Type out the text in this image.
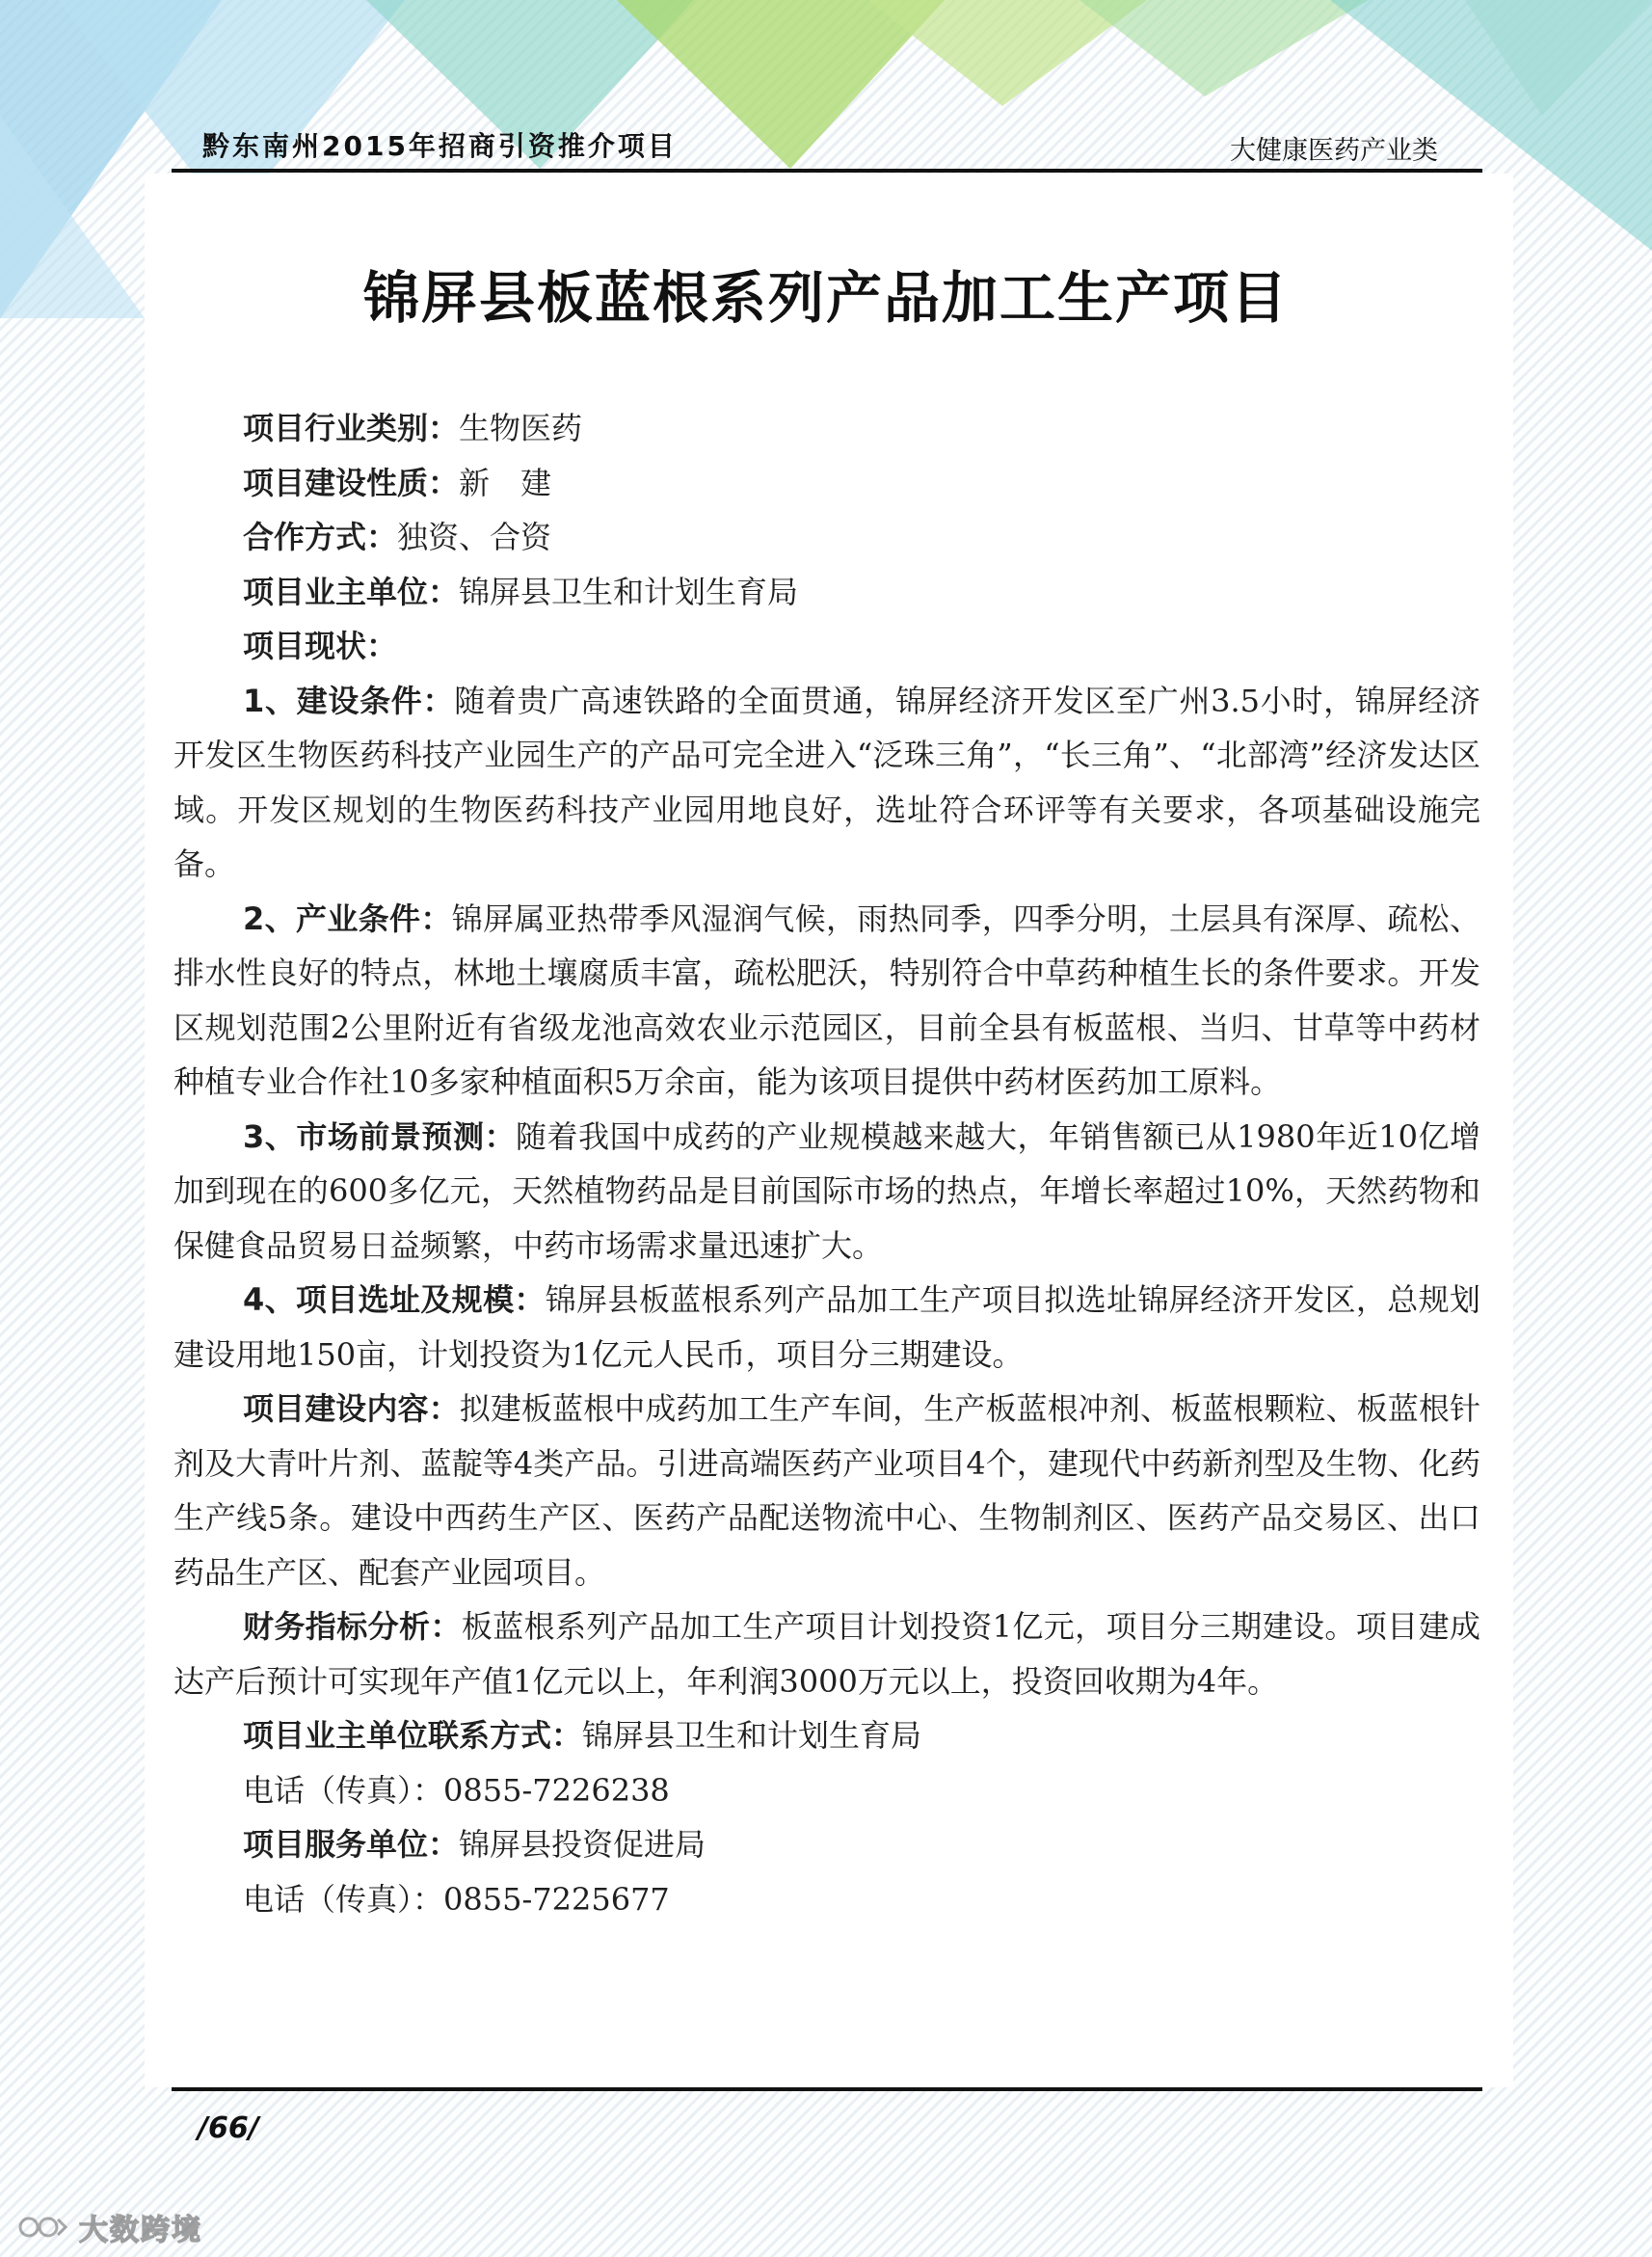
黔东南州2015年招商引资推介项目	大健康医药产业类
锦屏县板蓝根系列产品加工生产项目

项目行业类别：生物医药

项目建设性质：新　建

合作方式：独资、合资

项目业主单位：锦屏县卫生和计划生育局

项目现状：

1、建设条件：随着贵广高速铁路的全面贯通，锦屏经济开发区至广州3.5小时，锦屏经济开发区生物医药科技产业园生产的产品可完全进入“泛珠三角”，“长三角”、“北部湾”经济发达区域。开发区规划的生物医药科技产业园用地良好，选址符合环评等有关要求，各项基础设施完备。

2、产业条件：锦屏属亚热带季风湿润气候，雨热同季，四季分明，土层具有深厚、疏松、排水性良好的特点，林地土壤腐质丰富，疏松肥沃，特别符合中草药种植生长的条件要求。开发区规划范围2公里附近有省级龙池高效农业示范园区，目前全县有板蓝根、当归、甘草等中药材种植专业合作社10多家种植面积5万余亩，能为该项目提供中药材医药加工原料。

3、市场前景预测：随着我国中成药的产业规模越来越大，年销售额已从1980年近10亿增加到现在的600多亿元，天然植物药品是目前国际市场的热点，年增长率超过10%，天然药物和保健食品贸易日益频繁，中药市场需求量迅速扩大。

4、项目选址及规模：锦屏县板蓝根系列产品加工生产项目拟选址锦屏经济开发区，总规划建设用地150亩，计划投资为1亿元人民币，项目分三期建设。

项目建设内容：拟建板蓝根中成药加工生产车间，生产板蓝根冲剂、板蓝根颗粒、板蓝根针剂及大青叶片剂、蓝靛等4类产品。引进高端医药产业项目4个，建现代中药新剂型及生物、化药生产线5条。建设中西药生产区、医药产品配送物流中心、生物制剂区、医药产品交易区、出口药品生产区、配套产业园项目。

财务指标分析：板蓝根系列产品加工生产项目计划投资1亿元，项目分三期建设。项目建成达产后预计可实现年产值1亿元以上，年利润3000万元以上，投资回收期为4年。

项目业主单位联系方式：锦屏县卫生和计划生育局

电话（传真）：0855-7226238

项目服务单位：锦屏县投资促进局

电话（传真）：0855-7225677

/66/
大数跨境
